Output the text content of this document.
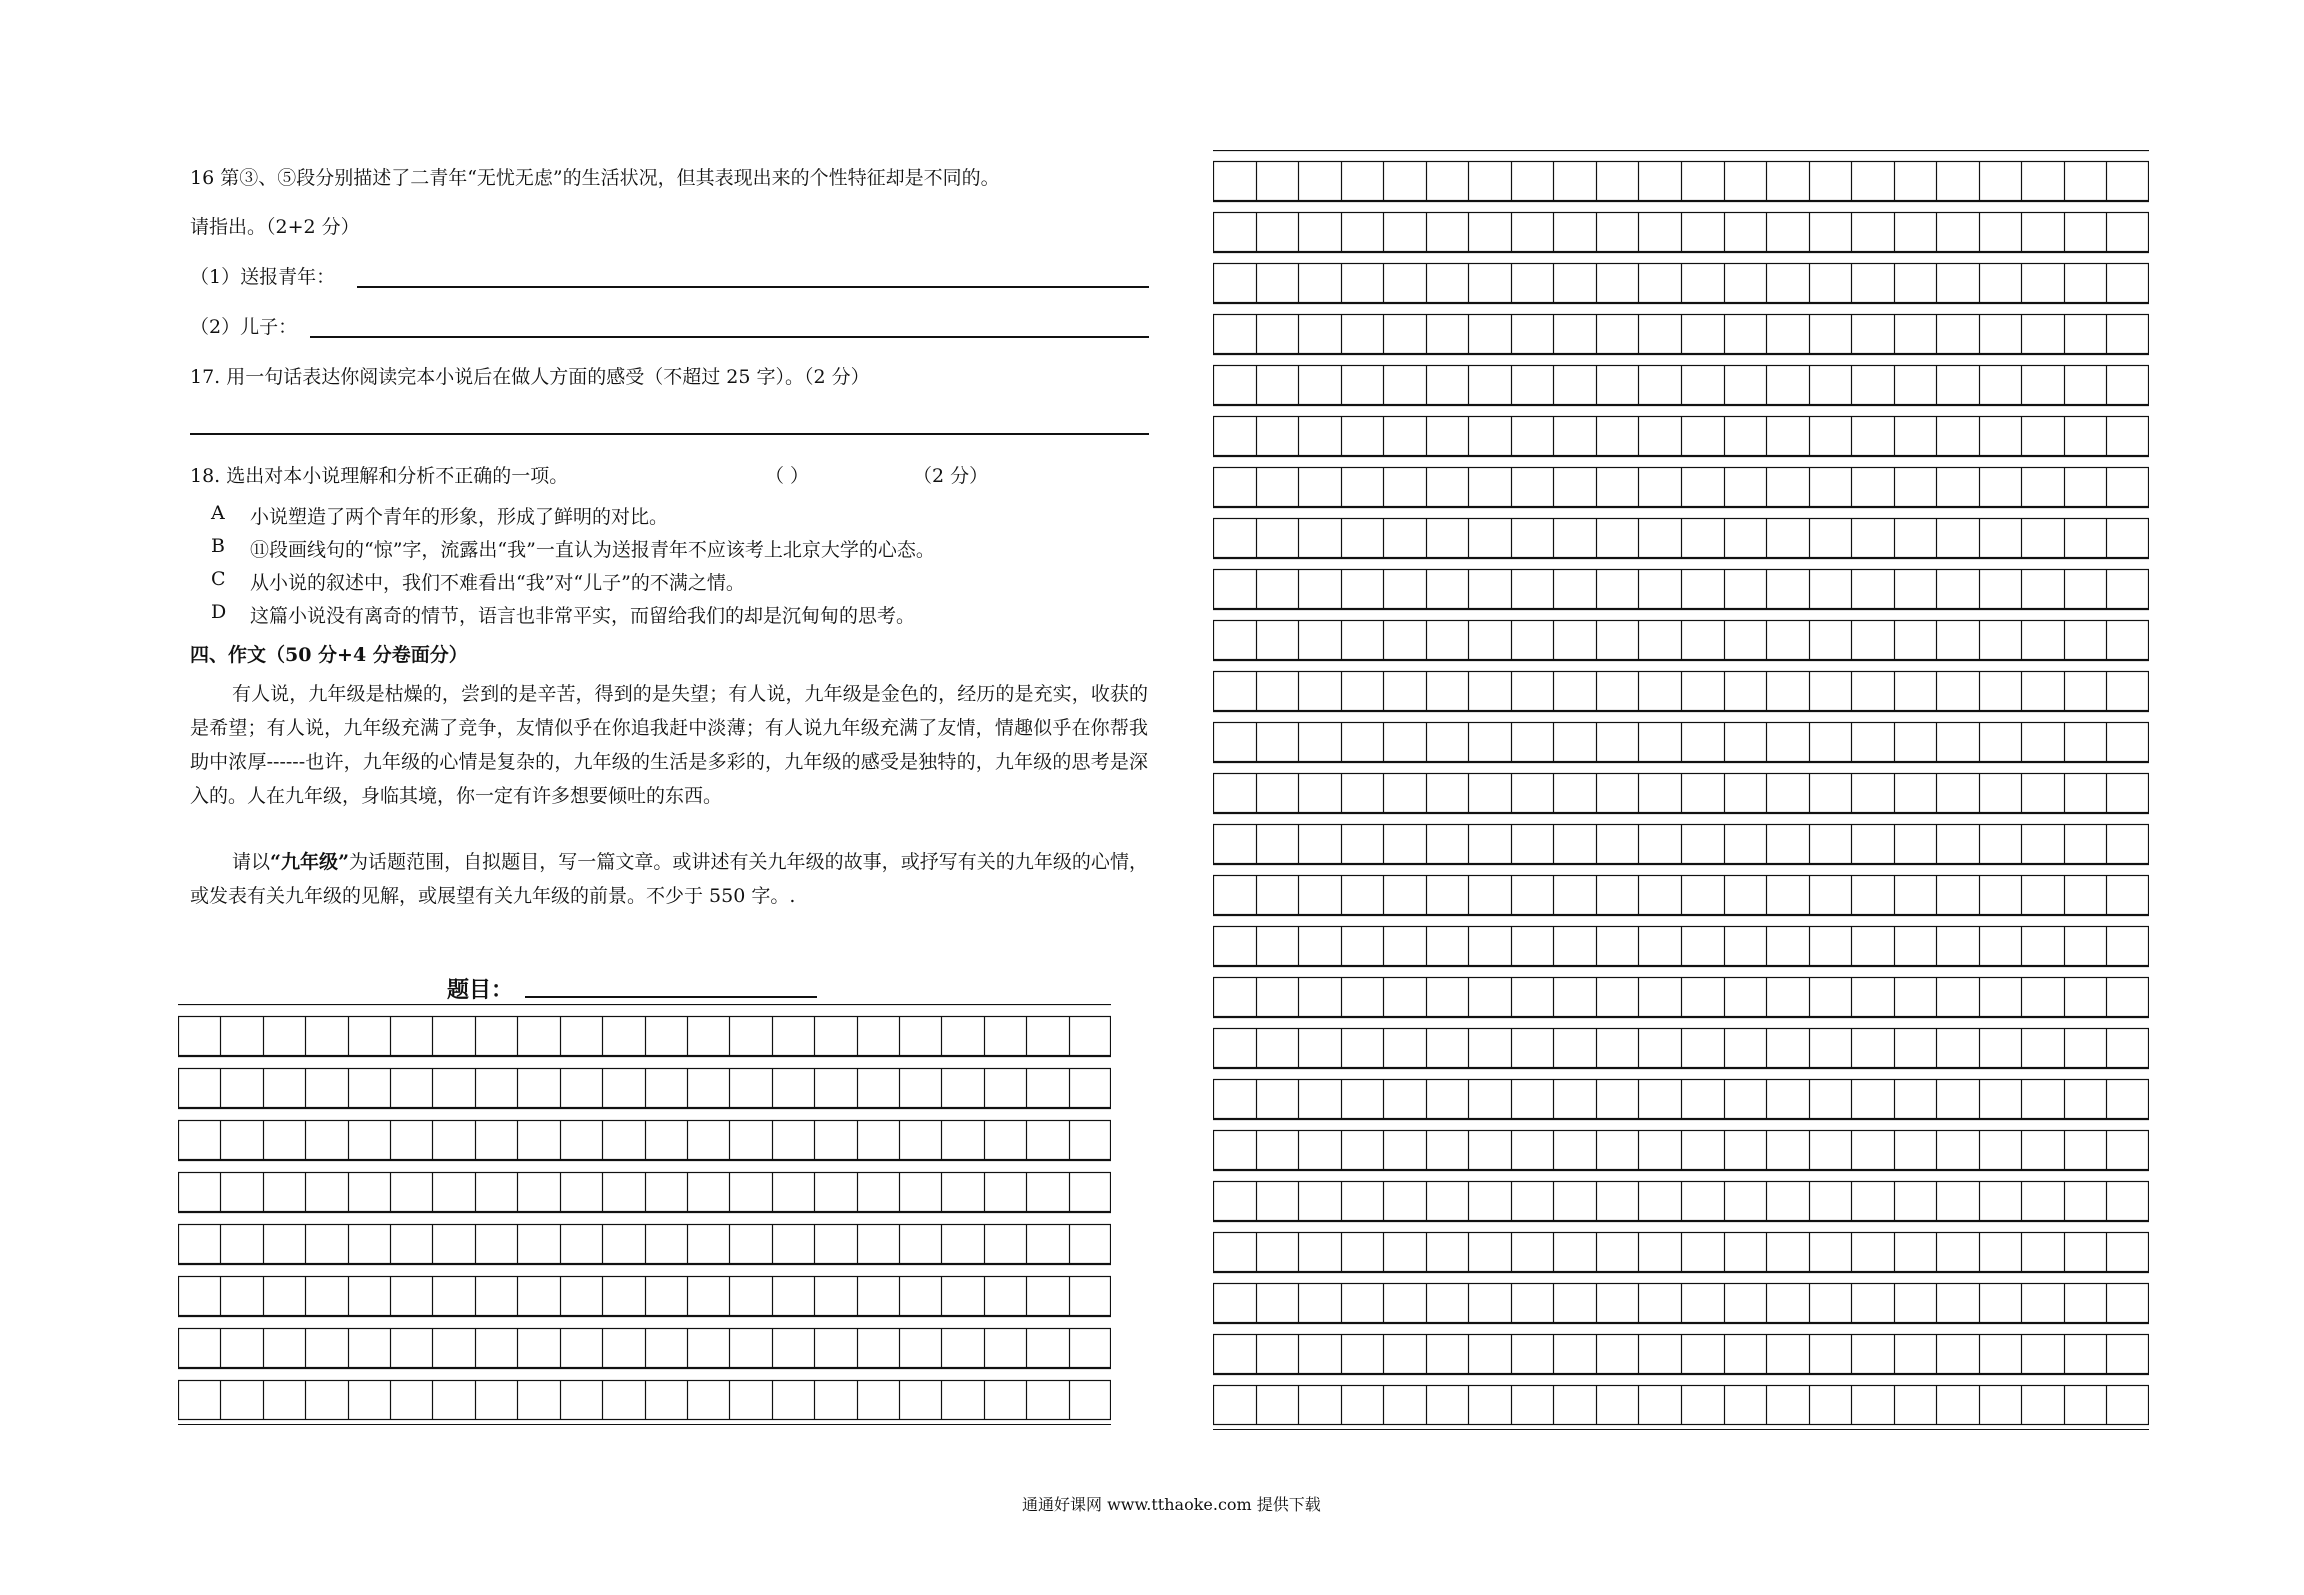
16 第③、⑤段分别描述了二青年“无忧无虑”的生活状况，但其表现出来的个性特征却是不同的。
请指出。（2+2 分）
（1）送报青年：
（2）儿子：
17. 用一句话表达你阅读完本小说后在做人方面的感受（不超过 25 字）。（2 分）
18. 选出对本小说理解和分析不正确的一项。	（ ）	（2 分）
A 小说塑造了两个青年的形象，形成了鲜明的对比。
B ⑪段画线句的“惊”字，流露出“我”一直认为送报青年不应该考上北京大学的心态。
C 从小说的叙述中，我们不难看出“我”对“儿子”的不满之情。
D 这篇小说没有离奇的情节，语言也非常平实，而留给我们的却是沉甸甸的思考。
四、作文（50 分+4 分卷面分）

有人说，九年级是枯燥的，尝到的是辛苦，得到的是失望；有人说，九年级是金色的，经历的是充实，收获的是希望；有人说，九年级充满了竞争，友情似乎在你追我赶中淡薄；有人说九年级充满了友情，情趣似乎在你帮我助中浓厚------也许，九年级的心情是复杂的，九年级的生活是多彩的，九年级的感受是独特的，九年级的思考是深入的。人在九年级，身临其境，你一定有许多想要倾吐的东西。

请以“九年级”为话题范围，自拟题目，写一篇文章。或讲述有关九年级的故事，或抒写有关的九年级的心情，或发表有关九年级的见解，或展望有关九年级的前景。不少于 550 字。.

题目：
通通好课网 www.tthaoke.com 提供下载
